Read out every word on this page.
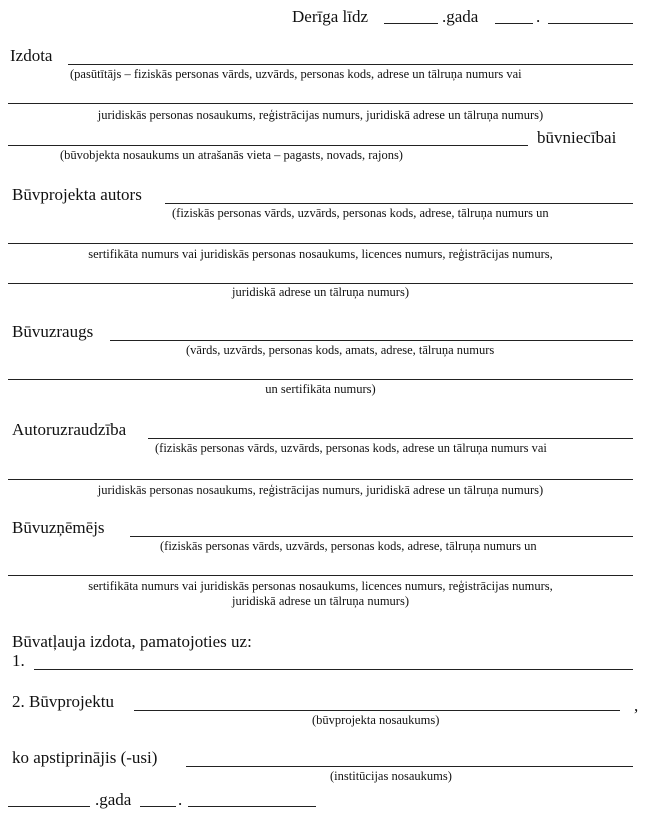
Derīga līdz	.gada	.
Izdota
(pasūtītājs – fiziskās personas vārds, uzvārds, personas kods, adrese un tālruņa numurs vai
juridiskās personas nosaukums, reģistrācijas numurs, juridiskā adrese un tālruņa numurs)
būvniecībai
(būvobjekta nosaukums un atrašanās vieta – pagasts, novads, rajons)
Būvprojekta autors
(fiziskās personas vārds, uzvārds, personas kods, adrese, tālruņa numurs un
sertifikāta numurs vai juridiskās personas nosaukums, licences numurs, reģistrācijas numurs,
juridiskā adrese un tālruņa numurs)
Būvuzraugs
(vārds, uzvārds, personas kods, amats, adrese, tālruņa numurs
un sertifikāta numurs)
Autoruzraudzība
(fiziskās personas vārds, uzvārds, personas kods, adrese un tālruņa numurs vai
juridiskās personas nosaukums, reģistrācijas numurs, juridiskā adrese un tālruņa numurs)
Būvuzņēmējs
(fiziskās personas vārds, uzvārds, personas kods, adrese, tālruņa numurs un
sertifikāta numurs vai juridiskās personas nosaukums, licences numurs, reģistrācijas numurs,
juridiskā adrese un tālruņa numurs)
Būvatļauja izdota, pamatojoties uz:
1.
2. Būvprojektu	,
(būvprojekta nosaukums)
ko apstiprinājis (-usi)
(institūcijas nosaukums)
.gada	.
